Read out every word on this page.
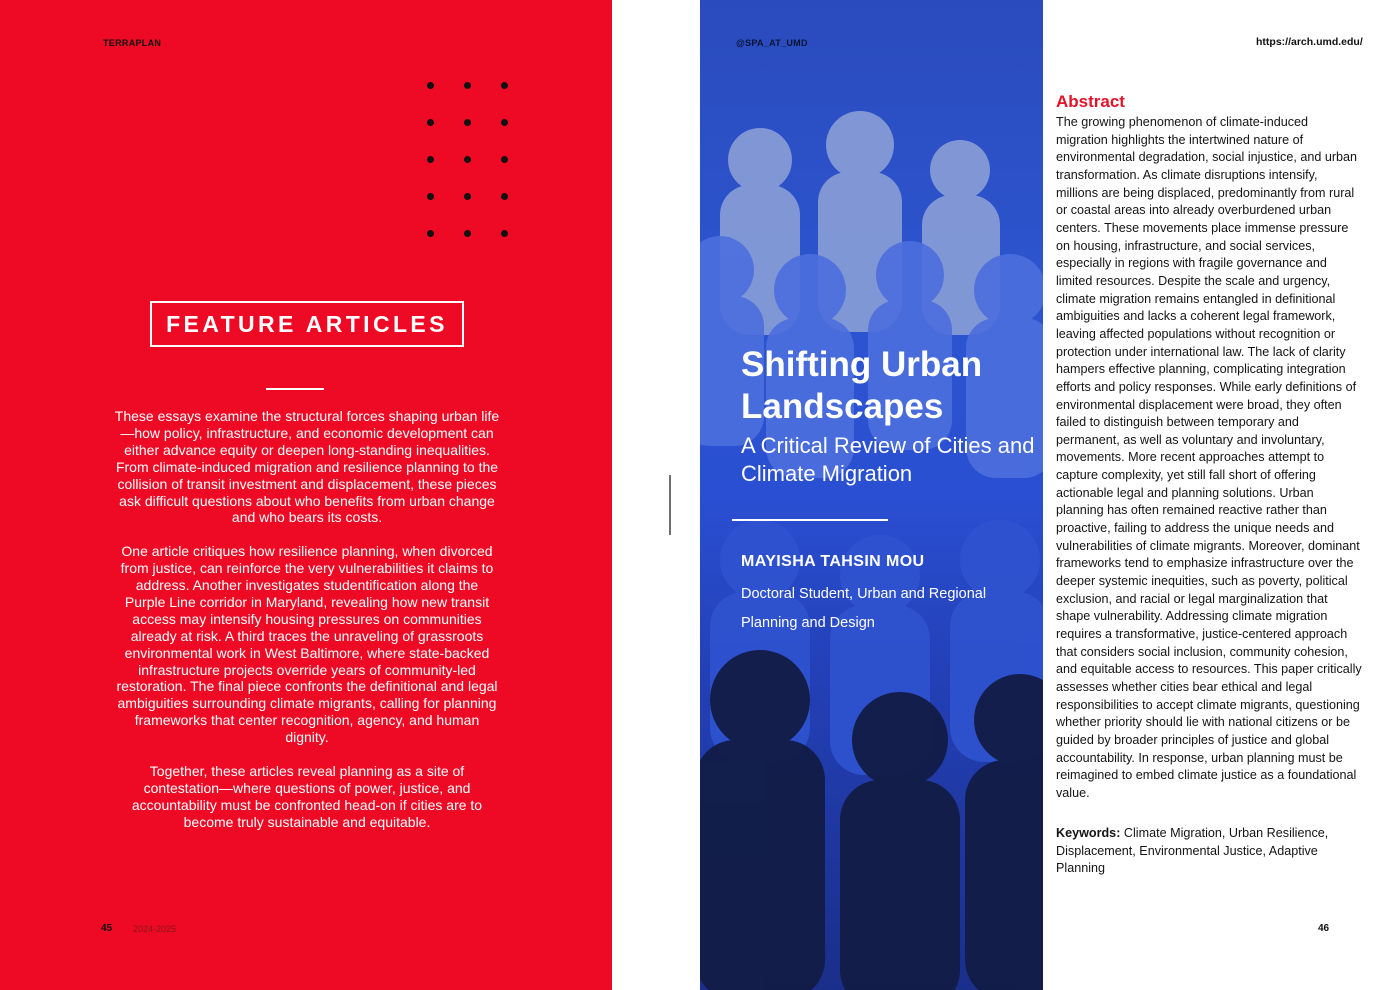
TERRAPLAN
FEATURE ARTICLES

These essays examine the structural forces shaping urban life—how policy, infrastructure, and economic development can either advance equity or deepen long-standing inequalities. From climate-induced migration and resilience planning to the collision of transit investment and displacement, these pieces ask difficult questions about who benefits from urban change and who bears its costs.

One article critiques how resilience planning, when divorced from justice, can reinforce the very vulnerabilities it claims to address. Another investigates studentification along the Purple Line corridor in Maryland, revealing how new transit access may intensify housing pressures on communities already at risk. A third traces the unraveling of grassroots environmental work in West Baltimore, where state-backed infrastructure projects override years of community-led restoration. The final piece confronts the definitional and legal ambiguities surrounding climate migrants, calling for planning frameworks that center recognition, agency, and human dignity.

Together, these articles reveal planning as a site of contestation—where questions of power, justice, and accountability must be confronted head-on if cities are to become truly sustainable and equitable.

45 2024-2025
@SPA_AT_UMD
Shifting Urban Landscapes
A Critical Review of Cities and Climate Migration
MAYISHA TAHSIN MOU
Doctoral Student, Urban and Regional Planning and Design
https://arch.umd.edu/
Abstract

The growing phenomenon of climate-induced migration highlights the intertwined nature of environmental degradation, social injustice, and urban transformation. As climate disruptions intensify, millions are being displaced, predominantly from rural or coastal areas into already overburdened urban centers. These movements place immense pressure on housing, infrastructure, and social services, especially in regions with fragile governance and limited resources. Despite the scale and urgency, climate migration remains entangled in definitional ambiguities and lacks a coherent legal framework, leaving affected populations without recognition or protection under international law. The lack of clarity hampers effective planning, complicating integration efforts and policy responses. While early definitions of environmental displacement were broad, they often failed to distinguish between temporary and permanent, as well as voluntary and involuntary, movements. More recent approaches attempt to capture complexity, yet still fall short of offering actionable legal and planning solutions. Urban planning has often remained reactive rather than proactive, failing to address the unique needs and vulnerabilities of climate migrants. Moreover, dominant frameworks tend to emphasize infrastructure over the deeper systemic inequities, such as poverty, political exclusion, and racial or legal marginalization that shape vulnerability. Addressing climate migration requires a transformative, justice-centered approach that considers social inclusion, community cohesion, and equitable access to resources. This paper critically assesses whether cities bear ethical and legal responsibilities to accept climate migrants, questioning whether priority should lie with national citizens or be guided by broader principles of justice and global accountability. In response, urban planning must be reimagined to embed climate justice as a foundational value.

Keywords: Climate Migration, Urban Resilience, Displacement, Environmental Justice, Adaptive Planning

46
